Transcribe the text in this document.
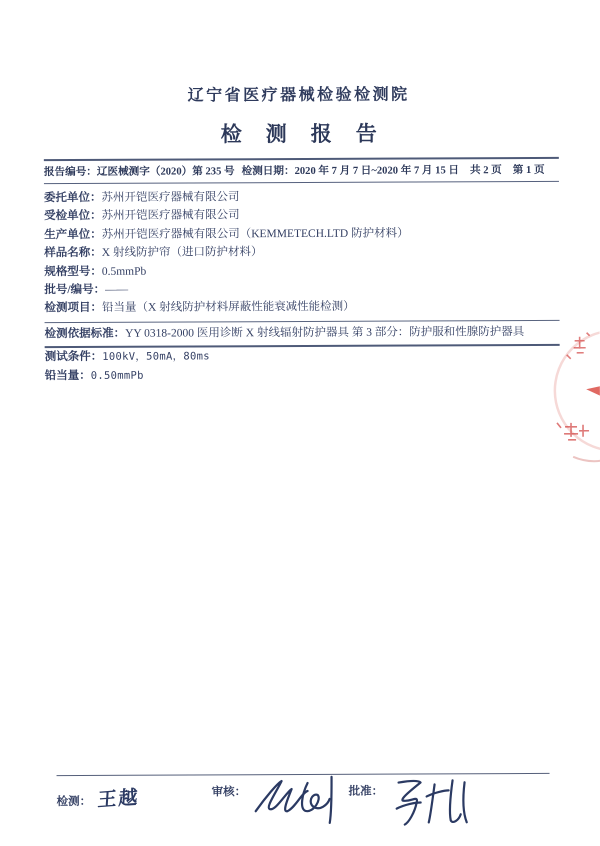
辽宁省医疗器械检验检测院
检测报告
报告编号： 辽医械测字（2020）第 235 号 检测日期： 2020 年 7 月 7 日~2020 年 7 月 15 日 共 2 页 第 1 页
委托单位：苏州开铠医疗器械有限公司
受检单位：苏州开铠医疗器械有限公司
生产单位：苏州开铠医疗器械有限公司（KEMMETECH.LTD 防护材料）
样品名称：X 射线防护帘（进口防护材料）
规格型号：0.5mmPb
批号/编号：——
检测项目：铅当量（X 射线防护材料屏蔽性能衰减性能检测）
检测依据标准：YY 0318-2000 医用诊断 X 射线辐射防护器具 第 3 部分：防护服和性腺防护器具
测试条件：100kV，50mA，80ms
铅当量：0.50mmPb
检测： 王越	审核：	批准：
